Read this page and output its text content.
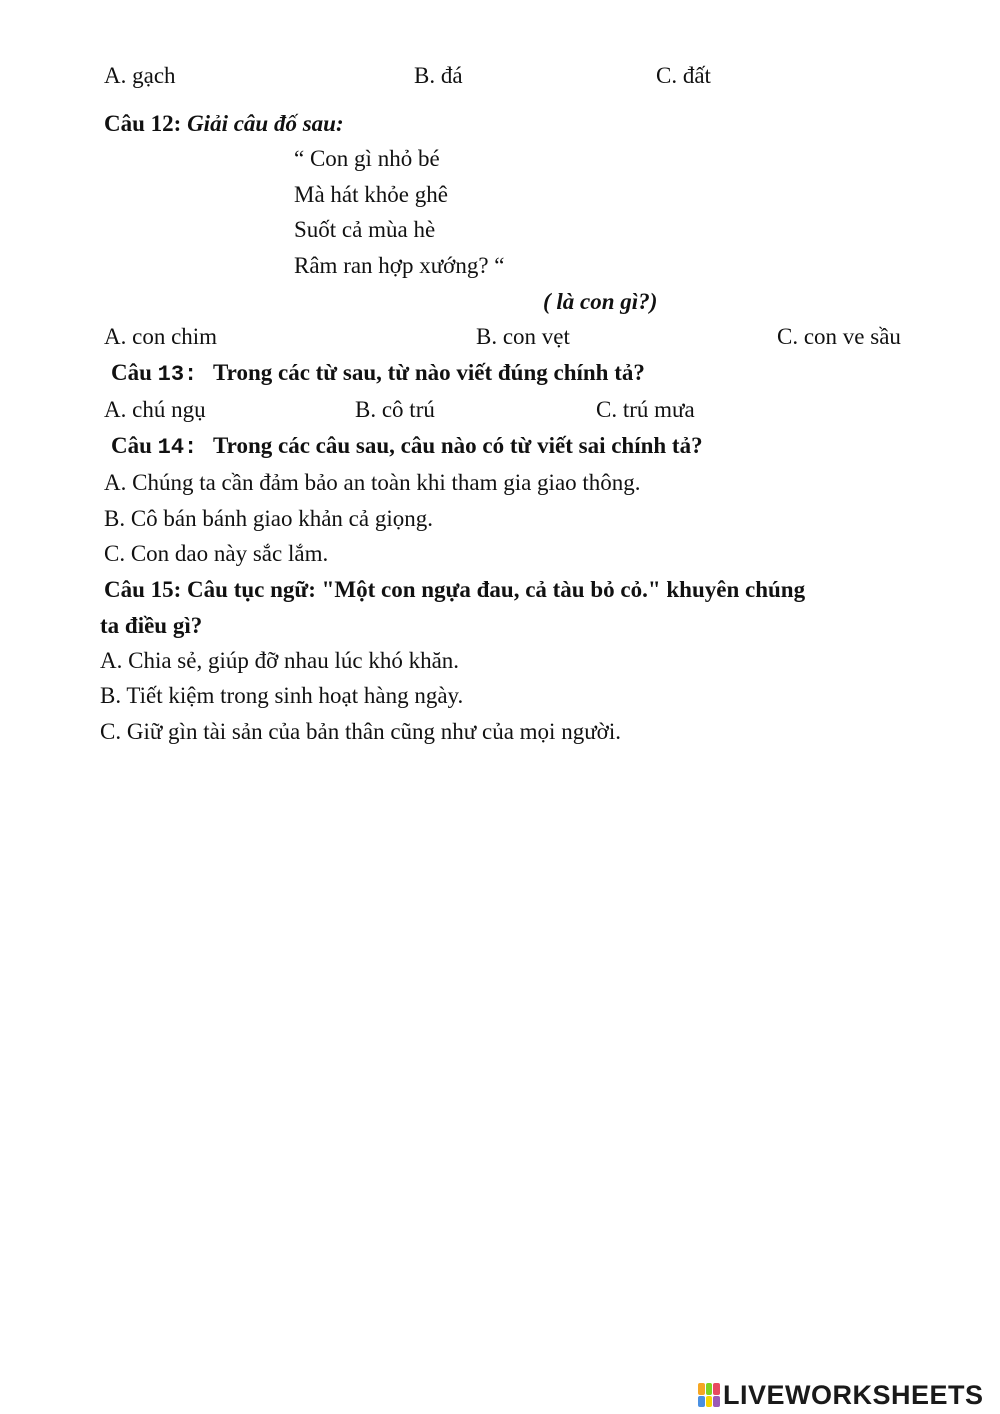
A. gạch	B. đá	C. đất
Câu 12: Giải câu đố sau:
“ Con gì nhỏ bé
Mà hát khỏe ghê
Suốt cả mùa hè
Râm ran hợp xướng? “
( là con gì?)
A. con chim	B. con vẹt	C. con ve sầu
Câu 13: Trong các từ sau, từ nào viết đúng chính tả?
A. chú ngụ	B. cô trú	C. trú mưa
Câu 14: Trong các câu sau, câu nào có từ viết sai chính tả?
A. Chúng ta cần đảm bảo an toàn khi tham gia giao thông.
B. Cô bán bánh giao khản cả giọng.
C. Con dao này sắc lắm.
Câu 15: Câu tục ngữ: "Một con ngựa đau, cả tàu bỏ cỏ." khuyên chúng
ta điều gì?
A. Chia sẻ, giúp đỡ nhau lúc khó khăn.
B. Tiết kiệm trong sinh hoạt hàng ngày.
C. Giữ gìn tài sản của bản thân cũng như của mọi người.
LIVEWORKSHEETS
